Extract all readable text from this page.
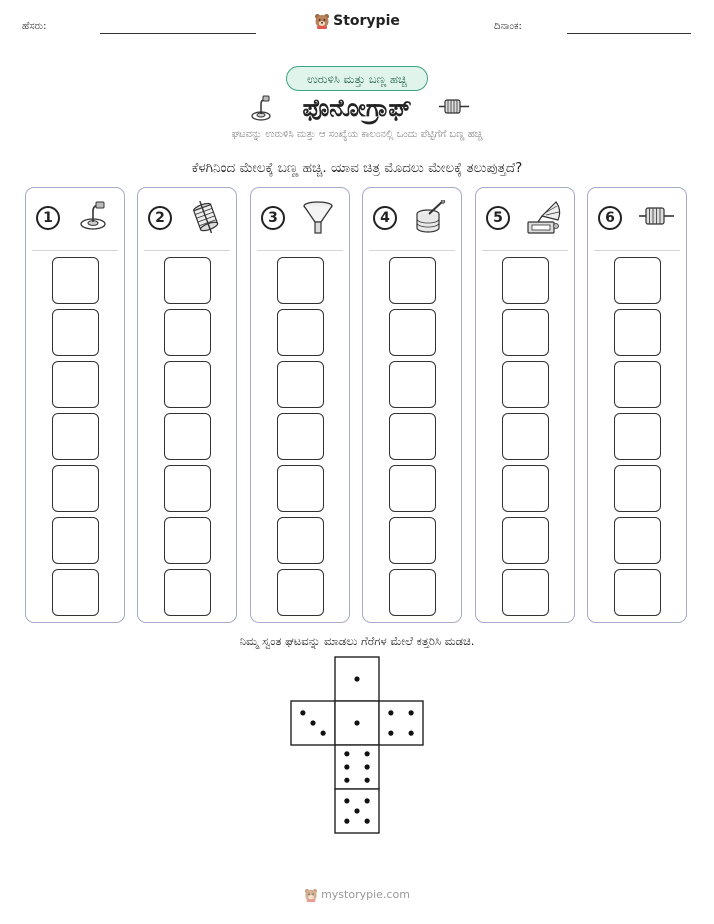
ಹೆಸರು:	Storypie	ದಿನಾಂಕ:
ಉರುಳಿಸಿ ಮತ್ತು ಬಣ್ಣ ಹಚ್ಚಿ
ಫೊನೋಗ್ರಾಫ್
ಘಟವನ್ನು ಉರುಳಿಸಿ ಮತ್ತು ಆ ಸಂಖ್ಯೆಯ ಕಾಲಂನಲ್ಲಿ ಒಂದು ಪೆಟ್ಟಿಗೆಗೆ ಬಣ್ಣ ಹಚ್ಚಿ
ಕೆಳಗಿನಿಂದ ಮೇಲಕ್ಕೆ ಬಣ್ಣ ಹಚ್ಚಿ. ಯಾವ ಚಿತ್ರ ಮೊದಲು ಮೇಲಕ್ಕೆ ತಲುಪುತ್ತದೆ?
1	2	3	4	5	6
ನಿಮ್ಮ ಸ್ವಂತ ಘಟವನ್ನು ಮಾಡಲು ಗೆರೆಗಳ ಮೇಲೆ ಕತ್ತರಿಸಿ ಮಡಚಿ.
mystorypie.com
